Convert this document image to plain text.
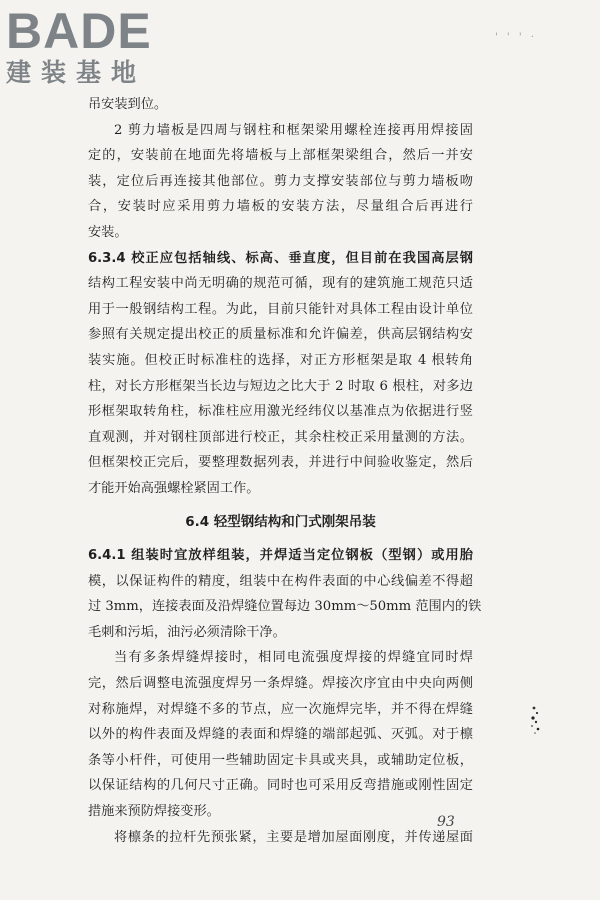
BADE

建装基地

' ' ' ·

吊安装到位。

2 剪力墙板是四周与钢柱和框架梁用螺栓连接再用焊接固

定的，安装前在地面先将墙板与上部框架梁组合，然后一并安

装，定位后再连接其他部位。剪力支撑安装部位与剪力墙板吻

合，安装时应采用剪力墙板的安装方法，尽量组合后再进行

安装。

6.3.4 校正应包括轴线、标高、垂直度，但目前在我国高层钢

结构工程安装中尚无明确的规范可循，现有的建筑施工规范只适

用于一般钢结构工程。为此，目前只能针对具体工程由设计单位

参照有关规定提出校正的质量标准和允许偏差，供高层钢结构安

装实施。但校正时标准柱的选择，对正方形框架是取 4 根转角

柱，对长方形框架当长边与短边之比大于 2 时取 6 根柱，对多边

形框架取转角柱，标准柱应用激光经纬仪以基准点为依据进行竖

直观测，并对钢柱顶部进行校正，其余柱校正采用量测的方法。

但框架校正完后，要整理数据列表，并进行中间验收鉴定，然后

才能开始高强螺栓紧固工作。

6.4 轻型钢结构和门式刚架吊装

6.4.1 组装时宜放样组装，并焊适当定位钢板（型钢）或用胎

模，以保证构件的精度，组装中在构件表面的中心线偏差不得超

过 3mm，连接表面及沿焊缝位置每边 30mm～50mm 范围内的铁

毛刺和污垢，油污必须清除干净。

当有多条焊缝焊接时，相同电流强度焊接的焊缝宜同时焊

完，然后调整电流强度焊另一条焊缝。焊接次序宜由中央向两侧

对称施焊，对焊缝不多的节点，应一次施焊完毕，并不得在焊缝

以外的构件表面及焊缝的表面和焊缝的端部起弧、灭弧。对于檩

条等小杆件，可使用一些辅助固定卡具或夹具，或辅助定位板，

以保证结构的几何尺寸正确。同时也可采用反弯措施或刚性固定

措施来预防焊接变形。

将檩条的拉杆先预张紧，主要是增加屋面刚度，并传递屋面

93
